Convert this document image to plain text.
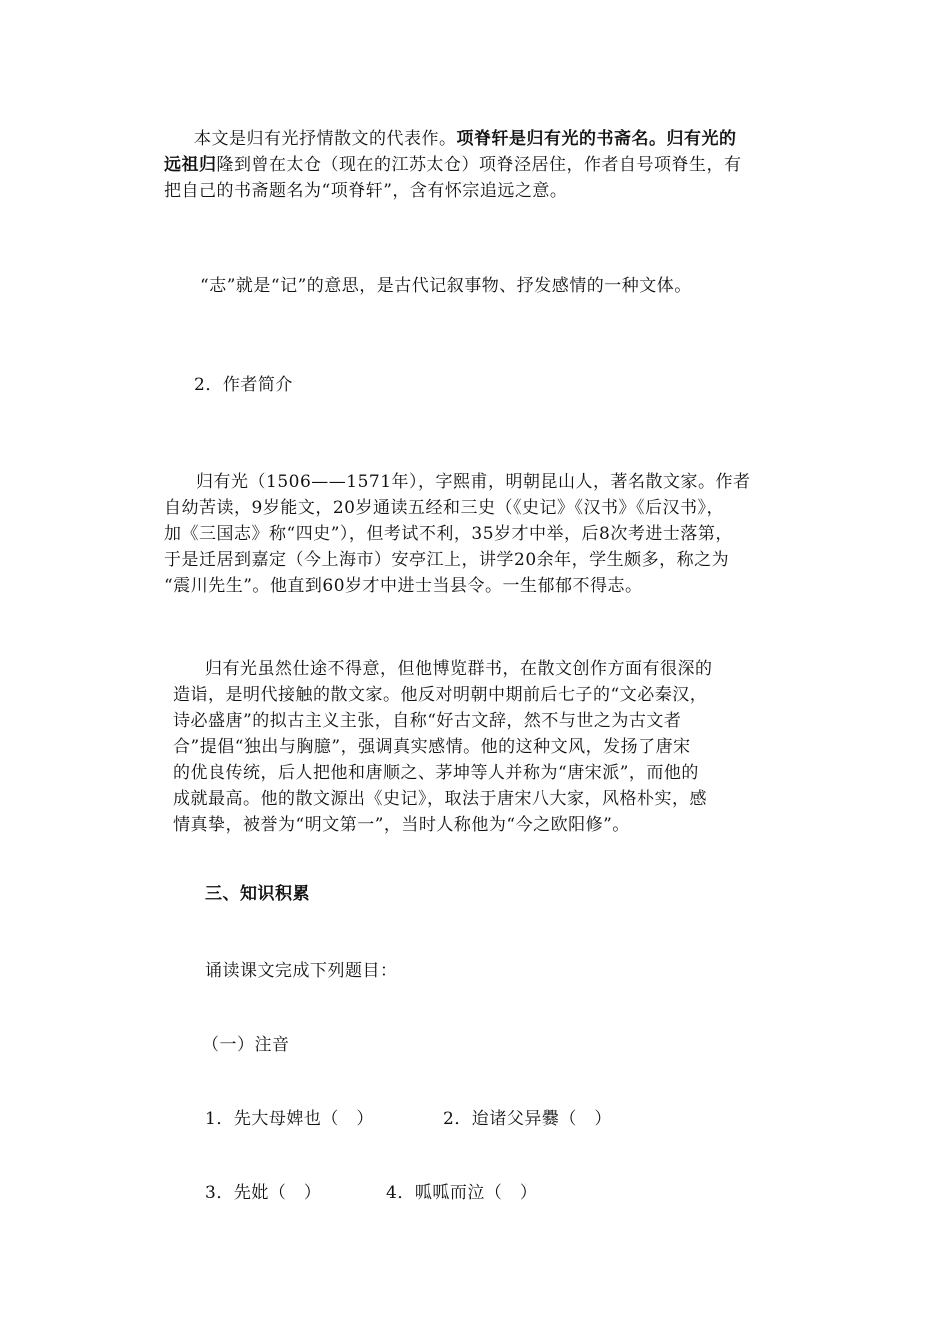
本文是归有光抒情散文的代表作。项脊轩是归有光的书斋名。归有光的
远祖归隆到曾在太仓（现在的江苏太仓）项脊泾居住，作者自号项脊生，有
把自己的书斋题名为“项脊轩”，含有怀宗追远之意。
“志”就是“记”的意思，是古代记叙事物、抒发感情的一种文体。
2．作者简介
归有光（1506——1571年），字熙甫，明朝昆山人，著名散文家。作者
自幼苦读，9岁能文，20岁通读五经和三史（《史记》《汉书》《后汉书》，
加《三国志》称“四史”），但考试不利，35岁才中举，后8次考进士落第，
于是迁居到嘉定（今上海市）安亭江上，讲学20余年，学生颇多，称之为
“震川先生”。他直到60岁才中进士当县令。一生郁郁不得志。
归有光虽然仕途不得意，但他博览群书，在散文创作方面有很深的
造诣，是明代接触的散文家。他反对明朝中期前后七子的“文必秦汉，
诗必盛唐”的拟古主义主张，自称“好古文辞，然不与世之为古文者
合”提倡“独出与胸臆”，强调真实感情。他的这种文风，发扬了唐宋
的优良传统，后人把他和唐顺之、茅坤等人并称为“唐宋派”，而他的
成就最高。他的散文源出《史记》，取法于唐宋八大家，风格朴实，感
情真挚，被誉为“明文第一”，当时人称他为“今之欧阳修”。
三、知识积累
诵读课文完成下列题目：
（一）注音
1．先大母婢也（　）	2．迨诸父异爨（　）
3．先妣（　）	4．呱呱而泣（　）
